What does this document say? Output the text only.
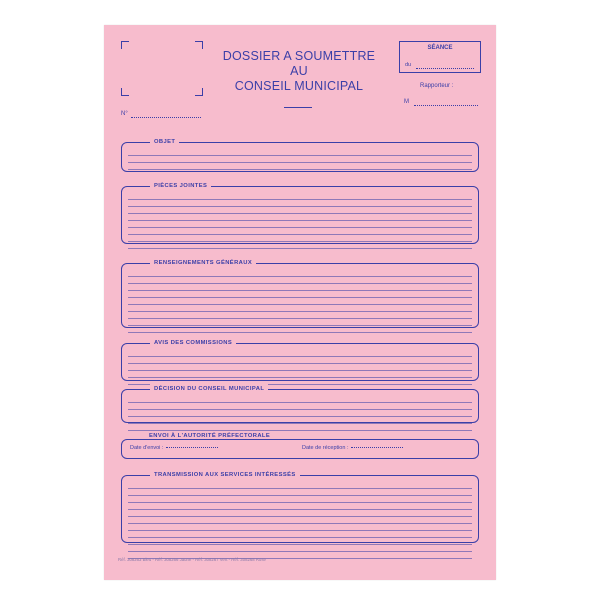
DOSSIER A SOUMETTRE
AU
CONSEIL MUNICIPAL
SÉANCE
du
Rapporteur :
M
N°
OBJET
PIÈCES JOINTES
RENSEIGNEMENTS GÉNÉRAUX
AVIS DES COMMISSIONS
DÉCISION DU CONSEIL MUNICIPAL
ENVOI À L'AUTORITÉ PRÉFECTORALE
Date d'envoi :	Date de réception :
TRANSMISSION AUX SERVICES INTÉRESSÉS
Réf. 308263 Bleu - Réf. 308266 Jaune - Réf. 308267 Vert - Réf. 308268 Rose
